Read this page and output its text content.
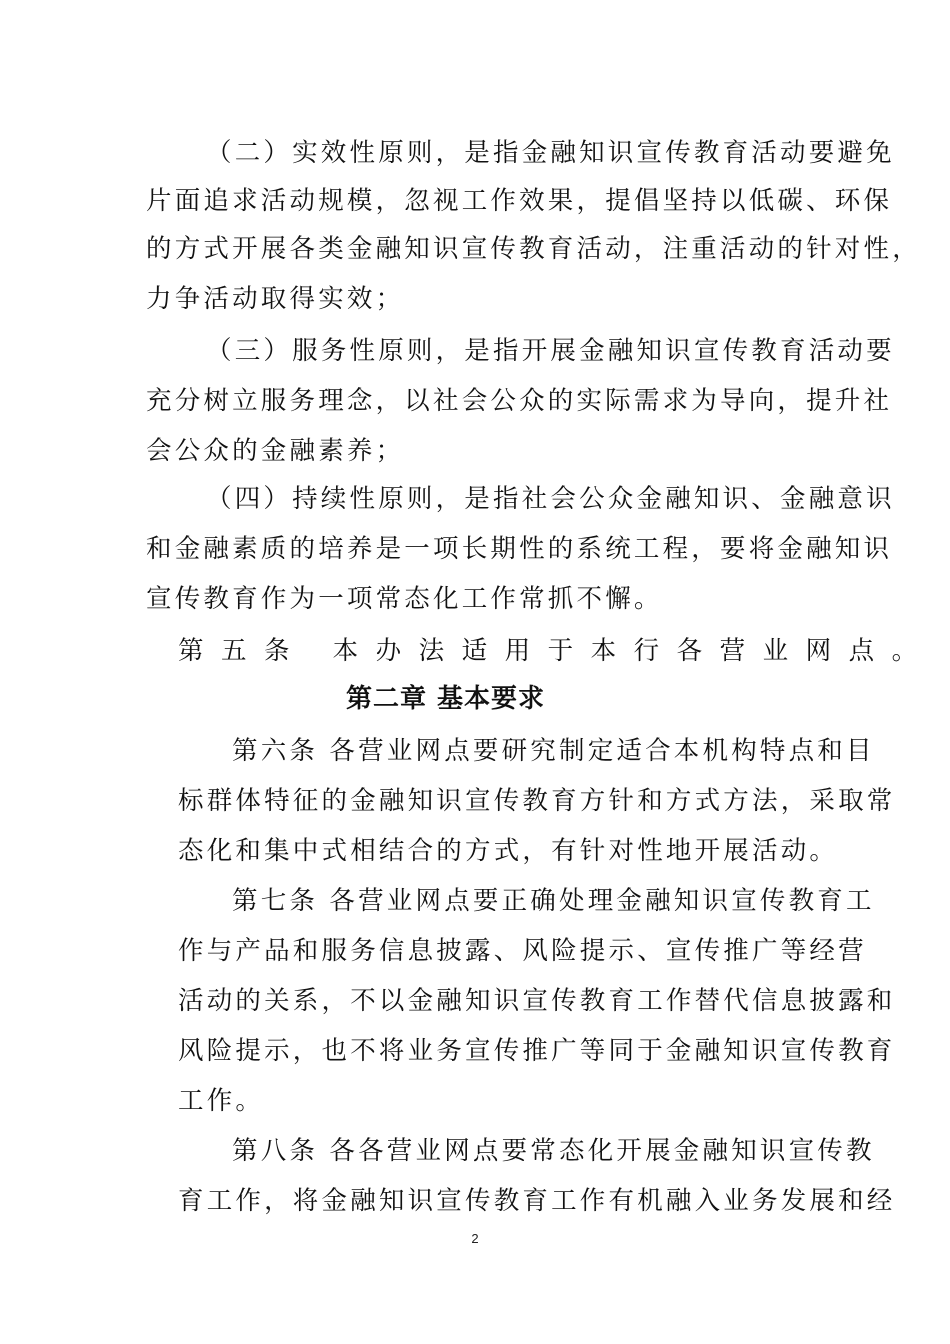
（二）实效性原则，是指金融知识宣传教育活动要避免
片面追求活动规模，忽视工作效果，提倡坚持以低碳、环保
的方式开展各类金融知识宣传教育活动，注重活动的针对性，
力争活动取得实效；
（三）服务性原则，是指开展金融知识宣传教育活动要
充分树立服务理念，以社会公众的实际需求为导向，提升社
会公众的金融素养；
（四）持续性原则，是指社会公众金融知识、金融意识
和金融素质的培养是一项长期性的系统工程，要将金融知识
宣传教育作为一项常态化工作常抓不懈。
第五条 本办法适用于本行各营业网点。
第二章 基本要求
第六条 各营业网点要研究制定适合本机构特点和目
标群体特征的金融知识宣传教育方针和方式方法，采取常
态化和集中式相结合的方式，有针对性地开展活动。
第七条 各营业网点要正确处理金融知识宣传教育工
作与产品和服务信息披露、风险提示、宣传推广等经营
活动的关系，不以金融知识宣传教育工作替代信息披露和
风险提示，也不将业务宣传推广等同于金融知识宣传教育
工作。
第八条 各各营业网点要常态化开展金融知识宣传教
育工作，将金融知识宣传教育工作有机融入业务发展和经
2
